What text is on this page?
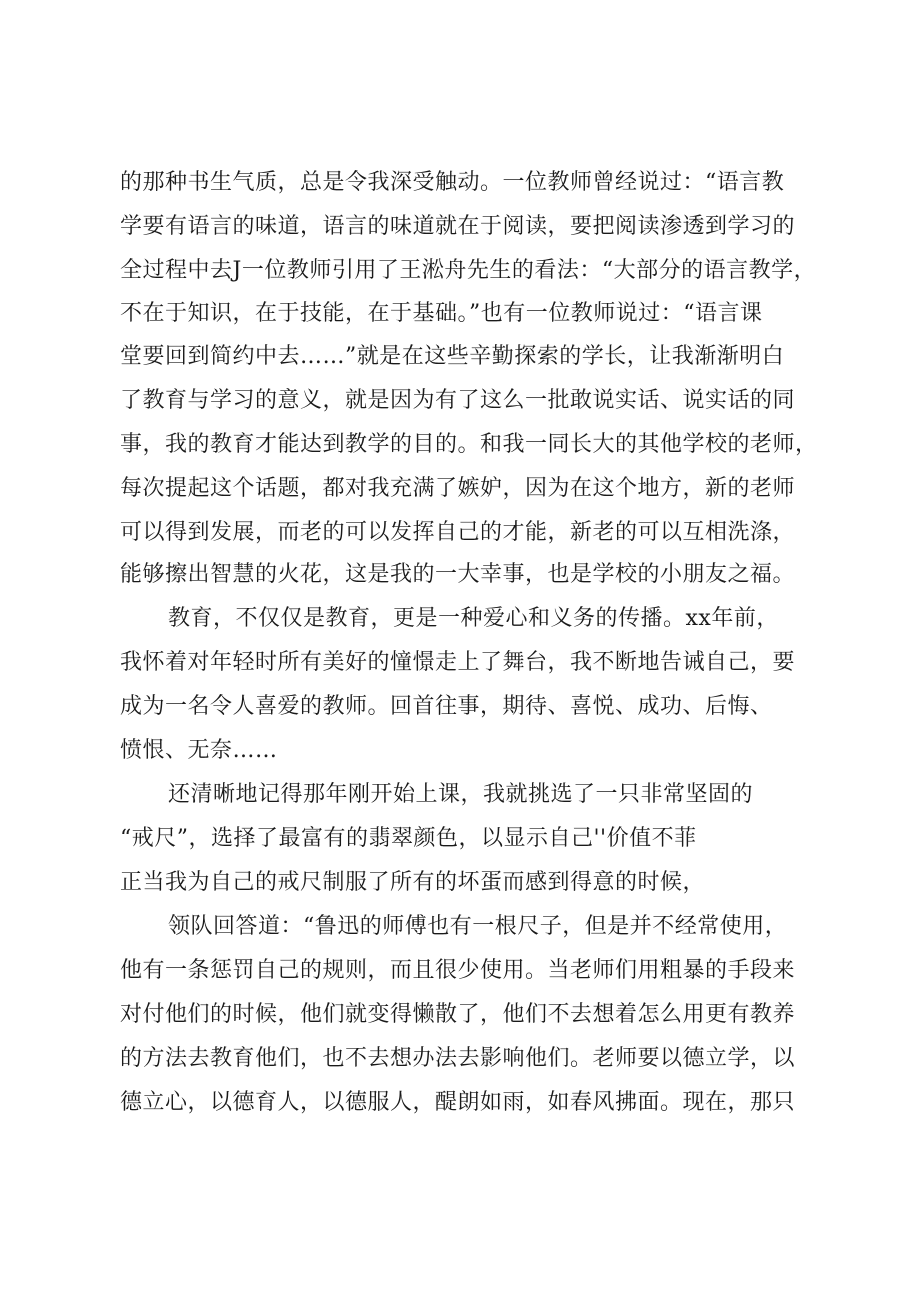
的那种书生气质，总是令我深受触动。一位教师曾经说过：“语言教
学要有语言的味道，语言的味道就在于阅读，要把阅读渗透到学习的
全过程中去J一位教师引用了王淞舟先生的看法：“大部分的语言教学，
不在于知识，在于技能，在于基础。”也有一位教师说过：“语言课
堂要回到简约中去……”就是在这些辛勤探索的学长，让我渐渐明白
了教育与学习的意义，就是因为有了这么一批敢说实话、说实话的同
事，我的教育才能达到教学的目的。和我一同长大的其他学校的老师，
每次提起这个话题，都对我充满了嫉妒，因为在这个地方，新的老师
可以得到发展，而老的可以发挥自己的才能，新老的可以互相洗涤，
能够擦出智慧的火花，这是我的一大幸事，也是学校的小朋友之福。
教育，不仅仅是教育，更是一种爱心和义务的传播。xx年前，
我怀着对年轻时所有美好的憧憬走上了舞台，我不断地告诫自己，要
成为一名令人喜爱的教师。回首往事，期待、喜悦、成功、后悔、
愤恨、无奈……
还清晰地记得那年刚开始上课，我就挑选了一只非常坚固的
“戒尺”，选择了最富有的翡翠颜色，以显示自己''价值不菲
正当我为自己的戒尺制服了所有的坏蛋而感到得意的时候，
领队回答道：“鲁迅的师傅也有一根尺子，但是并不经常使用，
他有一条惩罚自己的规则，而且很少使用。当老师们用粗暴的手段来
对付他们的时候，他们就变得懒散了，他们不去想着怎么用更有教养
的方法去教育他们，也不去想办法去影响他们。老师要以德立学，以
德立心，以德育人，以德服人，醍朗如雨，如春风拂面。现在，那只
